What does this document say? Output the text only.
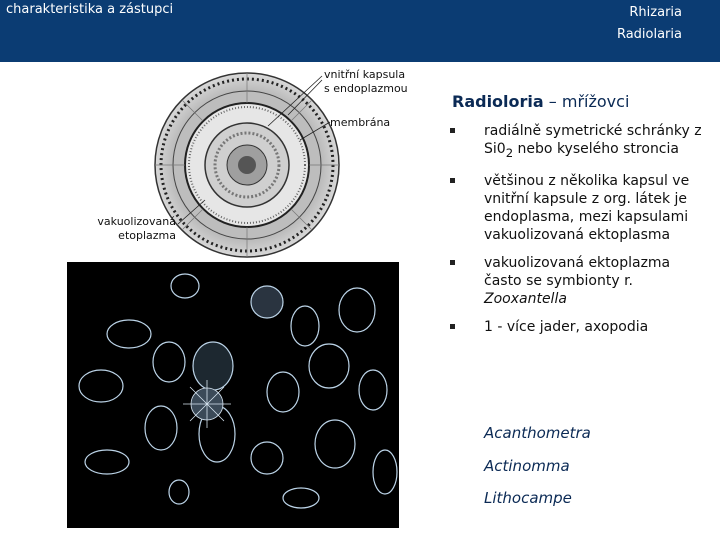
charakteristika a zástupci	Rhizaria
Radiolaria
vnitřní kapsula
s endoplazmou
membrána
vakuolizovaná
etoplazma
Radioloria – mřížovci
radiálně symetrické schránky z $Si0_2$ nebo kyselého stroncia
většinou z několika kapsul ve vnitřní kapsule z org. látek je endoplasma, mezi kapsulami vakuolizovaná ektoplasma
vakuolizovaná ektoplazma často se symbionty r. Zooxantella
1 - více jader, axopodia
Acanthometra
Actinomma
Lithocampe
